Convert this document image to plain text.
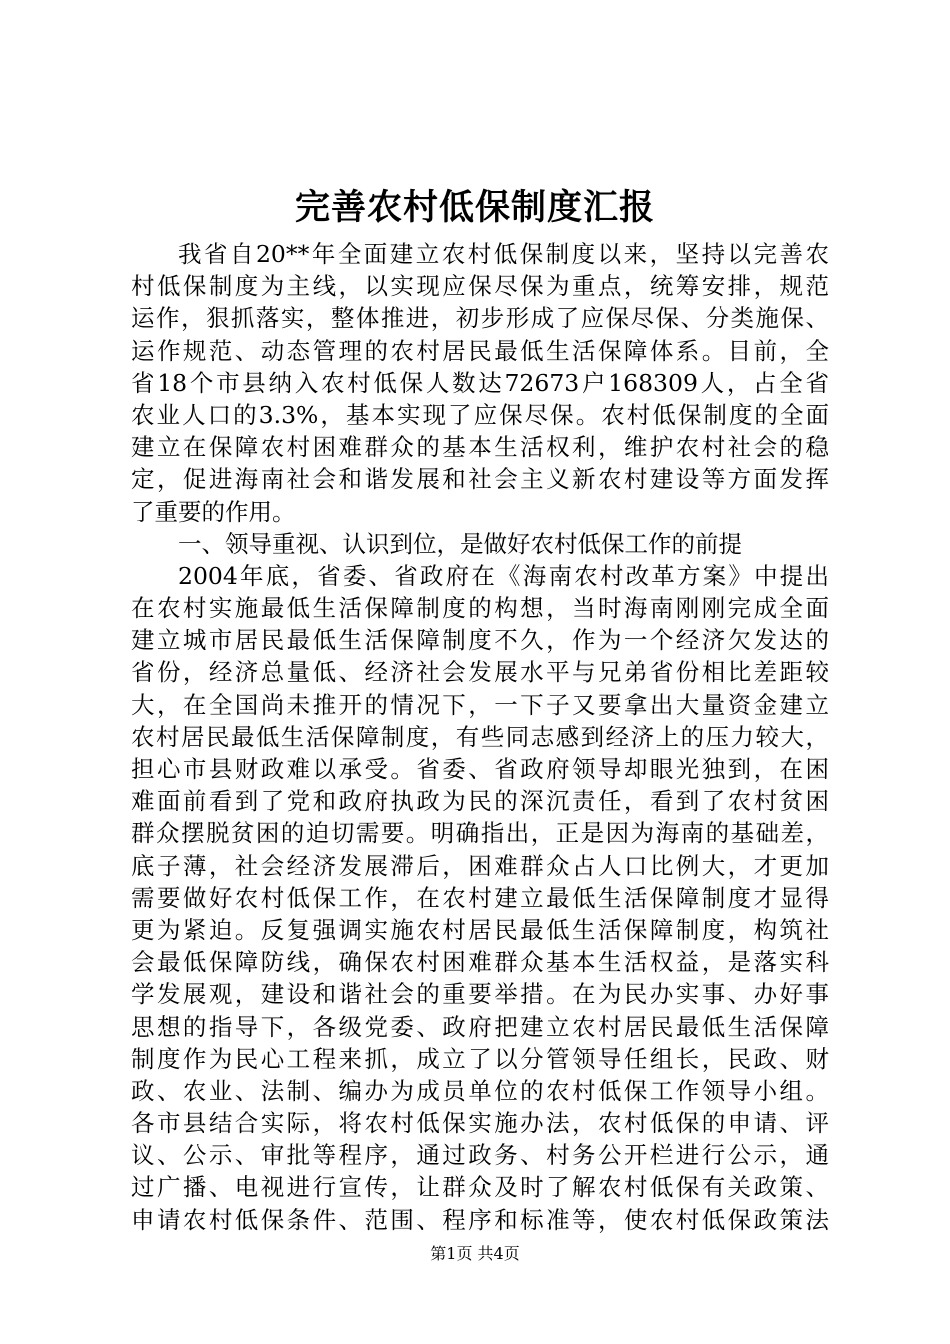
完善农村低保制度汇报
我省自20**年全面建立农村低保制度以来，坚持以完善农
村低保制度为主线，以实现应保尽保为重点，统筹安排，规范
运作，狠抓落实，整体推进，初步形成了应保尽保、分类施保、
运作规范、动态管理的农村居民最低生活保障体系。目前，全
省18个市县纳入农村低保人数达72673户168309人，占全省
农业人口的3.3%，基本实现了应保尽保。农村低保制度的全面
建立在保障农村困难群众的基本生活权利，维护农村社会的稳
定，促进海南社会和谐发展和社会主义新农村建设等方面发挥
了重要的作用。
一、领导重视、认识到位，是做好农村低保工作的前提
2004年底，省委、省政府在《海南农村改革方案》中提出
在农村实施最低生活保障制度的构想，当时海南刚刚完成全面
建立城市居民最低生活保障制度不久，作为一个经济欠发达的
省份，经济总量低、经济社会发展水平与兄弟省份相比差距较
大，在全国尚未推开的情况下，一下子又要拿出大量资金建立
农村居民最低生活保障制度，有些同志感到经济上的压力较大，
担心市县财政难以承受。省委、省政府领导却眼光独到，在困
难面前看到了党和政府执政为民的深沉责任，看到了农村贫困
群众摆脱贫困的迫切需要。明确指出，正是因为海南的基础差，
底子薄，社会经济发展滞后，困难群众占人口比例大，才更加
需要做好农村低保工作，在农村建立最低生活保障制度才显得
更为紧迫。反复强调实施农村居民最低生活保障制度，构筑社
会最低保障防线，确保农村困难群众基本生活权益，是落实科
学发展观，建设和谐社会的重要举措。在为民办实事、办好事
思想的指导下，各级党委、政府把建立农村居民最低生活保障
制度作为民心工程来抓，成立了以分管领导任组长，民政、财
政、农业、法制、编办为成员单位的农村低保工作领导小组。
各市县结合实际，将农村低保实施办法，农村低保的申请、评
议、公示、审批等程序，通过政务、村务公开栏进行公示，通
过广播、电视进行宣传，让群众及时了解农村低保有关政策、
申请农村低保条件、范围、程序和标准等，使农村低保政策法
第1页 共4页
